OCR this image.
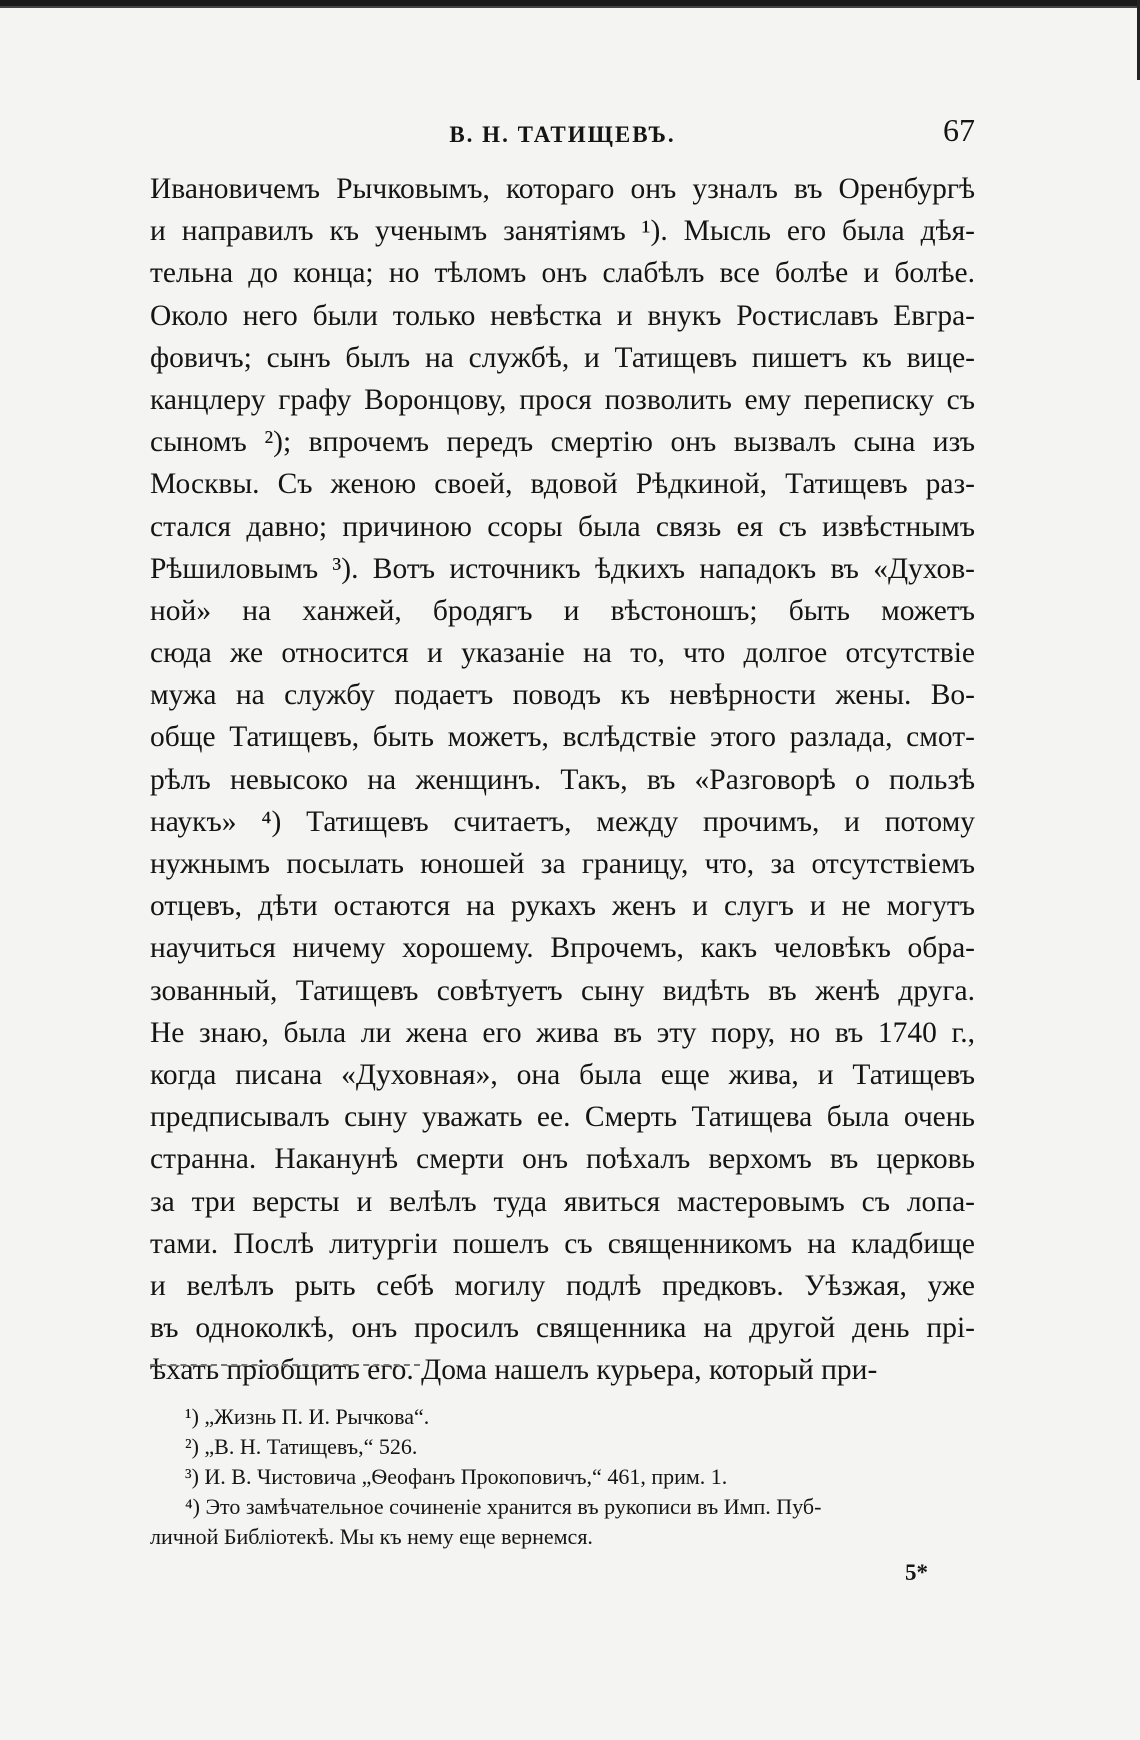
В. Н. ТАТИЩЕВЪ.	67
Ивановичемъ Рычковымъ, котораго онъ узналъ въ Оренбургѣ
и направилъ къ ученымъ занятіямъ ¹). Мысль его была дѣя-
тельна до конца; но тѣломъ онъ слабѣлъ все болѣе и болѣе.
Около него были только невѣстка и внукъ Ростиславъ Евгра-
фовичъ; сынъ былъ на службѣ, и Татищевъ пишетъ къ вице-
канцлеру графу Воронцову, прося позволить ему переписку съ
сыномъ ²); впрочемъ передъ смертію онъ вызвалъ сына изъ
Москвы. Съ женою своей, вдовой Рѣдкиной, Татищевъ раз-
стался давно; причиною ссоры была связь ея съ извѣстнымъ
Рѣшиловымъ ³). Вотъ источникъ ѣдкихъ нападокъ въ «Духов-
ной» на ханжей, бродягъ и вѣстоношъ; быть можетъ
сюда же относится и указаніе на то, что долгое отсутствіе
мужа на службу подаетъ поводъ къ невѣрности жены. Во-
обще Татищевъ, быть можетъ, вслѣдствіе этого разлада, смот-
рѣлъ невысоко на женщинъ. Такъ, въ «Разговорѣ о пользѣ
наукъ» ⁴) Татищевъ считаетъ, между прочимъ, и потому
нужнымъ посылать юношей за границу, что, за отсутствіемъ
отцевъ, дѣти остаются на рукахъ женъ и слугъ и не могутъ
научиться ничему хорошему. Впрочемъ, какъ человѣкъ обра-
зованный, Татищевъ совѣтуетъ сыну видѣть въ женѣ друга.
Не знаю, была ли жена его жива въ эту пору, но въ 1740 г.,
когда писана «Духовная», она была еще жива, и Татищевъ
предписывалъ сыну уважать ее. Смерть Татищева была очень
странна. Наканунѣ смерти онъ поѣхалъ верхомъ въ церковь
за три версты и велѣлъ туда явиться мастеровымъ съ лопа-
тами. Послѣ литургіи пошелъ съ священникомъ на кладбище
и велѣлъ рыть себѣ могилу подлѣ предковъ. Уѣзжая, уже
въ одноколкѣ, онъ просилъ священника на другой день прі-
ѣхать пріобщить его. Дома нашелъ курьера, который при-
¹) „Жизнь П. И. Рычкова“.
²) „В. Н. Татищевъ,“ 526.
³) И. В. Чистовича „Ѳеофанъ Прокоповичъ,“ 461, прим. 1.
⁴) Это замѣчательное сочиненіе хранится въ рукописи въ Имп. Пуб-
личной Библіотекѣ. Мы къ нему еще вернемся.
5*
